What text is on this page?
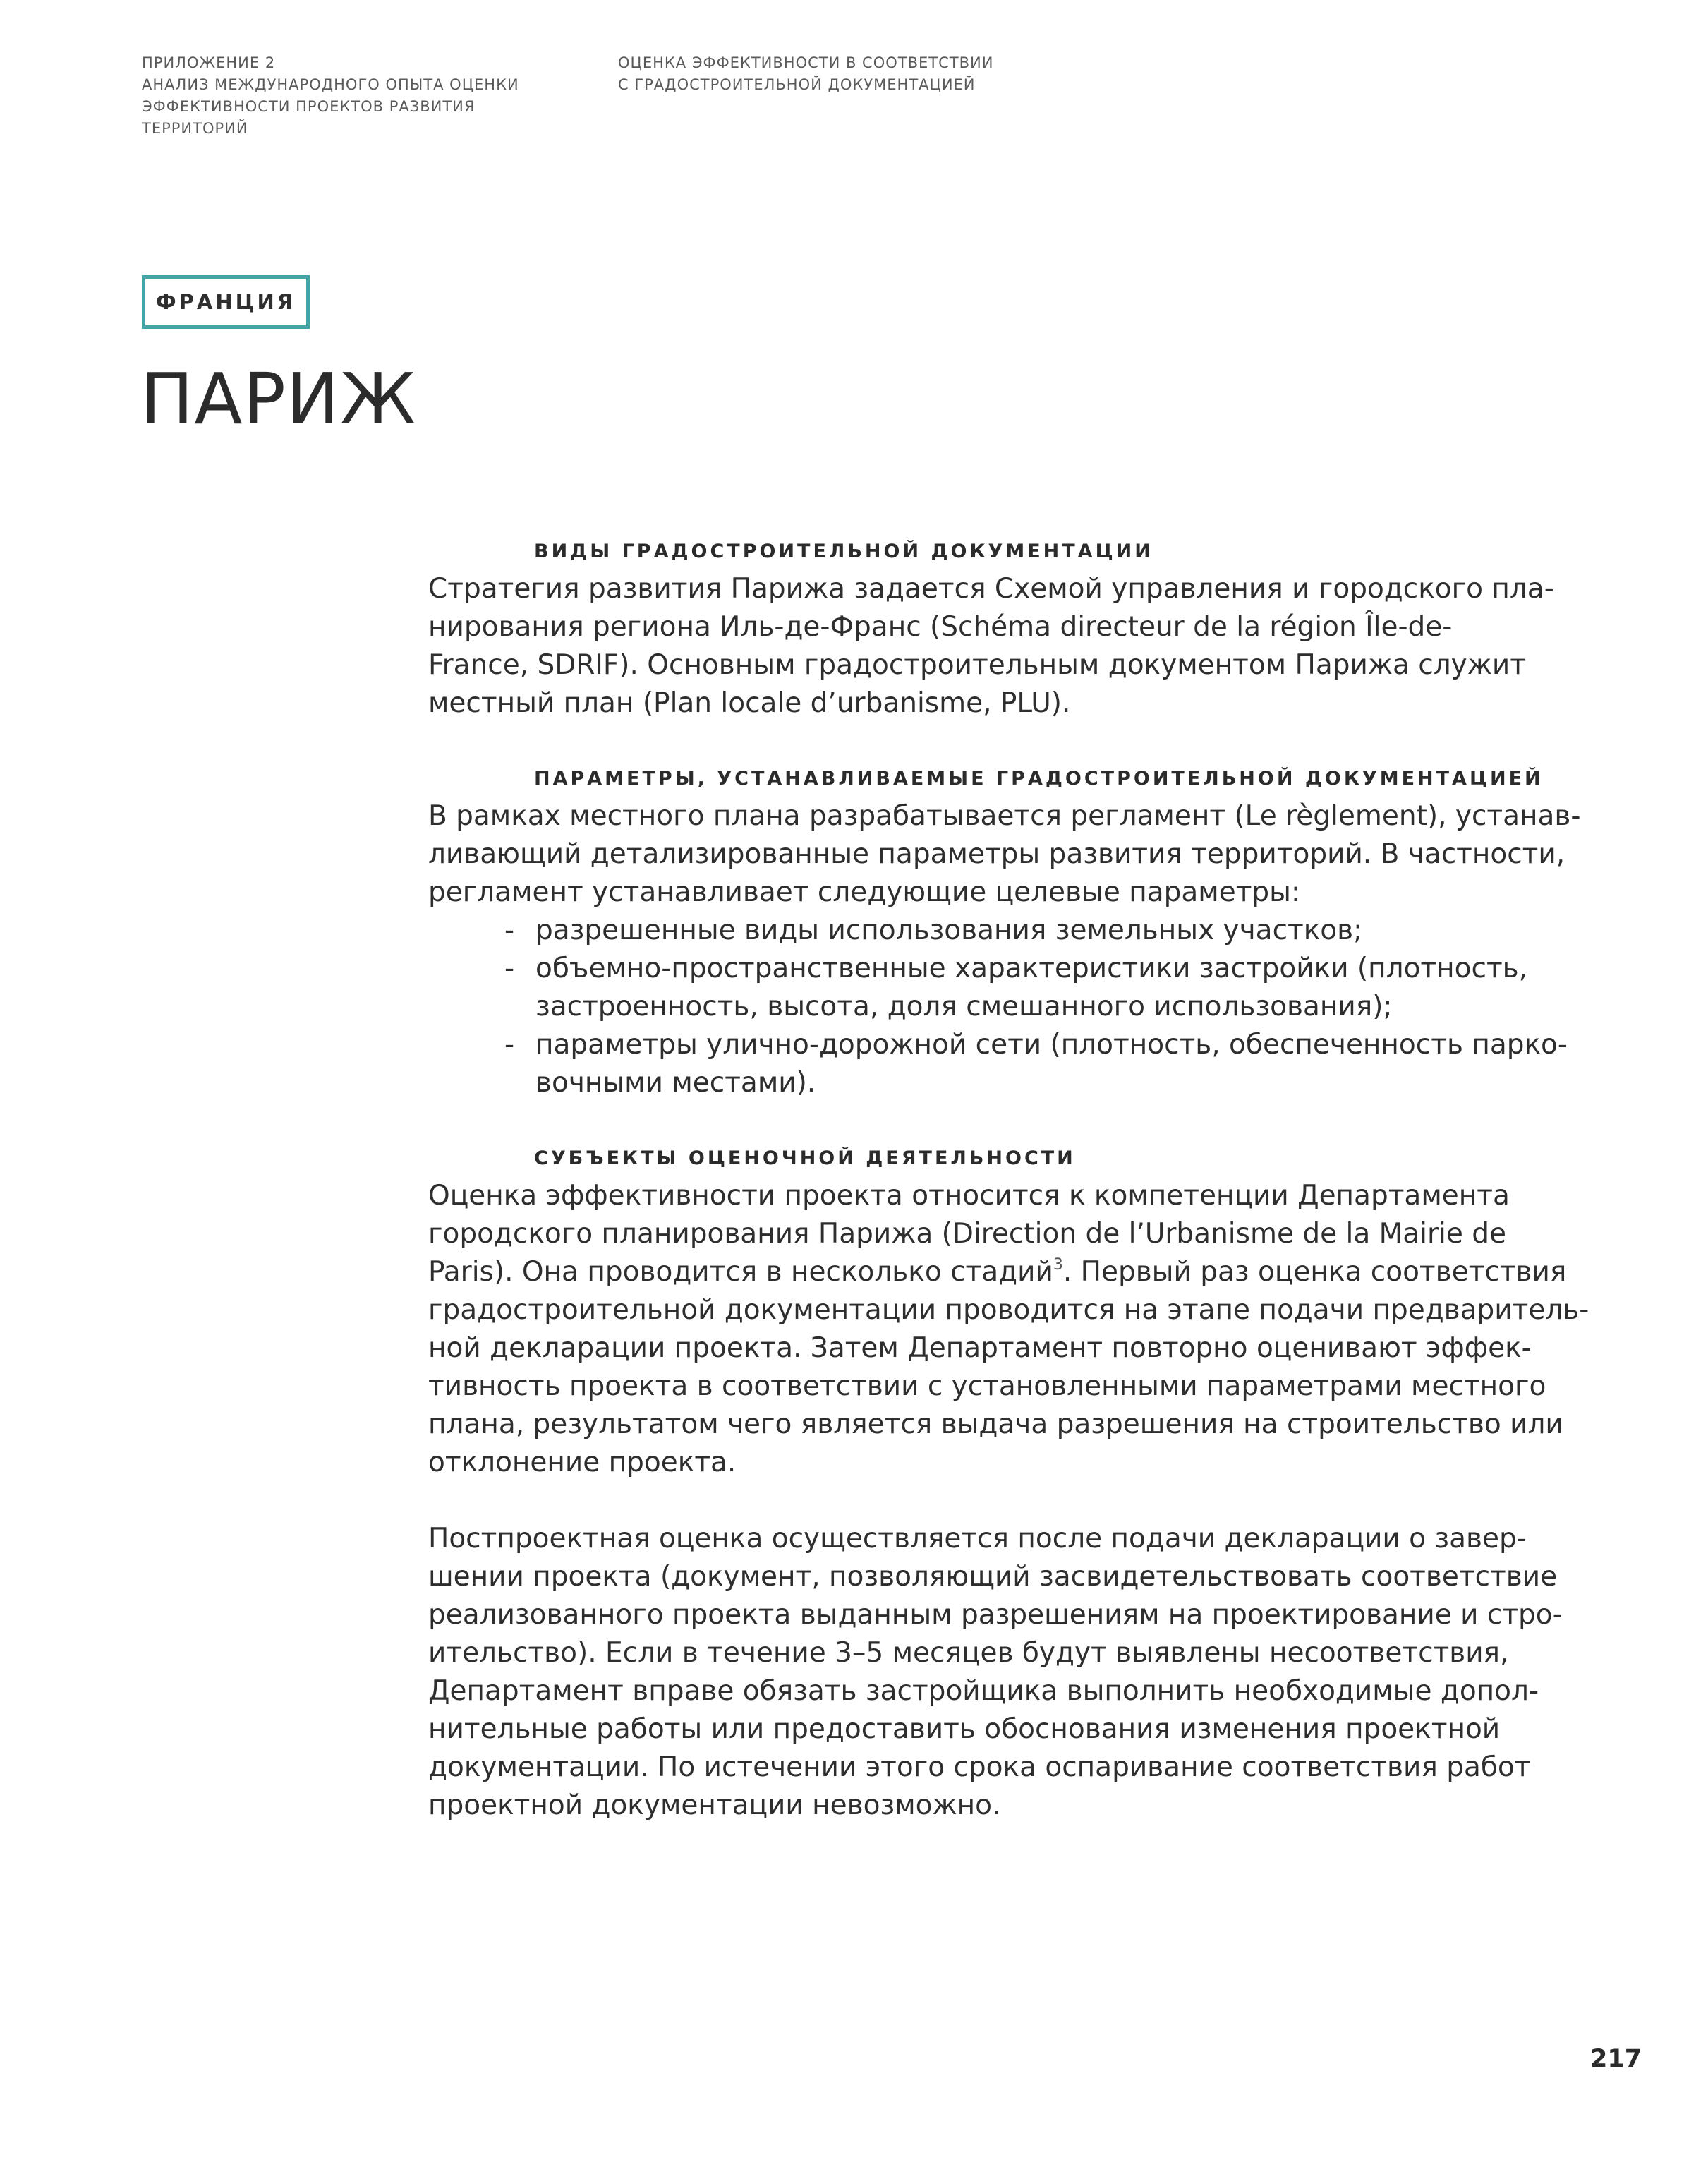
ПРИЛОЖЕНИЕ 2
АНАЛИЗ МЕЖДУНАРОДНОГО ОПЫТА ОЦЕНКИ
ЭФФЕКТИВНОСТИ ПРОЕКТОВ РАЗВИТИЯ
ТЕРРИТОРИЙ
ОЦЕНКА ЭФФЕКТИВНОСТИ В СООТВЕТСТВИИ
С ГРАДОСТРОИТЕЛЬНОЙ ДОКУМЕНТАЦИЕЙ
ФРАНЦИЯ
ПАРИЖ
ВИДЫ ГРАДОСТРОИТЕЛЬНОЙ ДОКУМЕНТАЦИИ
Стратегия развития Парижа задается Схемой управления и городского пла-
нирования региона Иль-де-Франс (Schéma directeur de la région Île-de-
France, SDRIF). Основным градостроительным документом Парижа служит
местный план (Plan locale d’urbanisme, PLU).
ПАРАМЕТРЫ, УСТАНАВЛИВАЕМЫЕ ГРАДОСТРОИТЕЛЬНОЙ ДОКУМЕНТАЦИЕЙ
В рамках местного плана разрабатывается регламент (Le règlement), устанав-
ливающий детализированные параметры развития территорий. В частности,
регламент устанавливает следующие целевые параметры:
- разрешенные виды использования земельных участков;
- объемно-пространственные характеристики застройки (плотность,
застроенность, высота, доля смешанного использования);
- параметры улично-дорожной сети (плотность, обеспеченность парко-
вочными местами).
СУБЪЕКТЫ ОЦЕНОЧНОЙ ДЕЯТЕЛЬНОСТИ
Оценка эффективности проекта относится к компетенции Департамента
городского планирования Парижа (Direction de l’Urbanisme de la Mairie de
Paris). Она проводится в несколько стадий$^3$. Первый раз оценка соответствия
градостроительной документации проводится на этапе подачи предваритель-
ной декларации проекта. Затем Департамент повторно оценивают эффек-
тивность проекта в соответствии с установленными параметрами местного
плана, результатом чего является выдача разрешения на строительство или
отклонение проекта.
Постпроектная оценка осуществляется после подачи декларации о завер-
шении проекта (документ, позволяющий засвидетельствовать соответствие
реализованного проекта выданным разрешениям на проектирование и стро-
ительство). Если в течение 3–5 месяцев будут выявлены несоответствия,
Департамент вправе обязать застройщика выполнить необходимые допол-
нительные работы или предоставить обоснования изменения проектной
документации. По истечении этого срока оспаривание соответствия работ
проектной документации невозможно.
217
